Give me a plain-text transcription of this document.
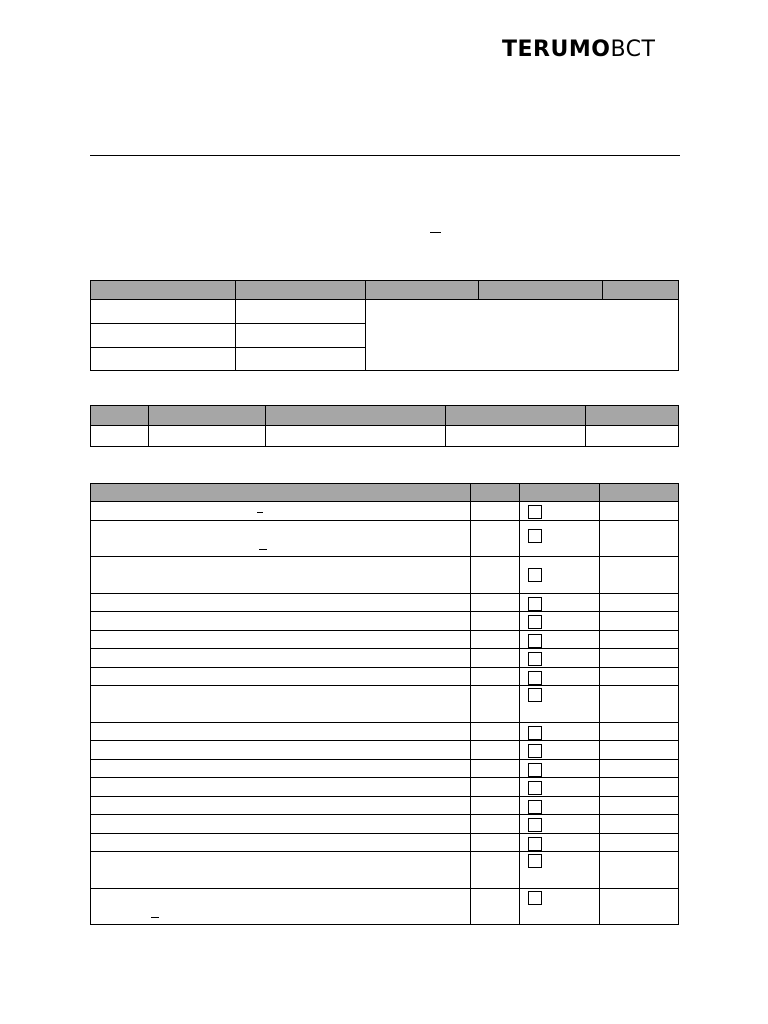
TERUMOBCT
